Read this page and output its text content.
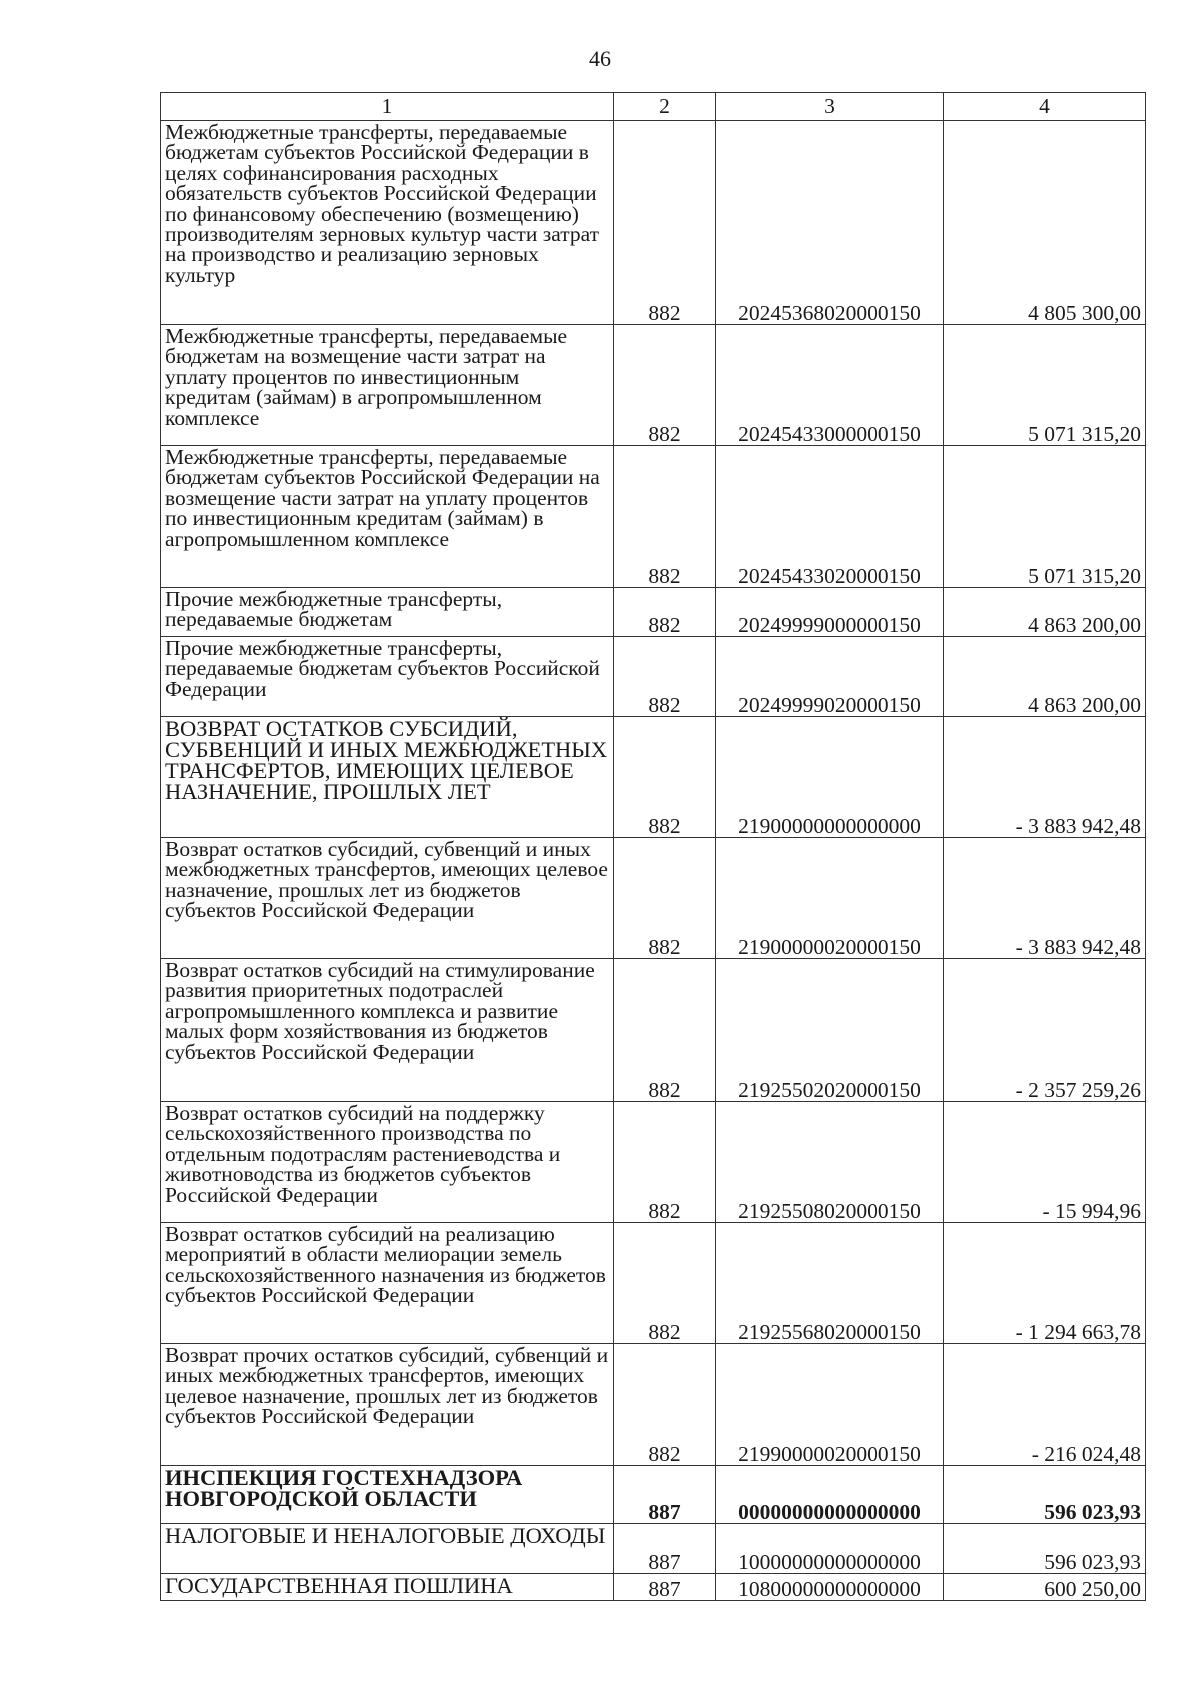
46
1	2	3	4
Межбюджетные трансферты, передаваемые бюджетам субъектов Российской Федерации в целях софинансирования расходных обязательств субъектов Российской Федерации по финансовому обеспечению (возмещению) производителям зерновых культур части затрат на производство и реализацию зерновых культур	882	20245368020000150	4 805 300,00
Межбюджетные трансферты, передаваемые бюджетам на возмещение части затрат на уплату процентов по инвестиционным кредитам (займам) в агропромышленном комплексе	882	20245433000000150	5 071 315,20
Межбюджетные трансферты, передаваемые бюджетам субъектов Российской Федерации на возмещение части затрат на уплату процентов по инвестиционным кредитам (займам) в агропромышленном комплексе	882	20245433020000150	5 071 315,20
Прочие межбюджетные трансферты, передаваемые бюджетам	882	20249999000000150	4 863 200,00
Прочие межбюджетные трансферты, передаваемые бюджетам субъектов Российской Федерации	882	20249999020000150	4 863 200,00
ВОЗВРАТ ОСТАТКОВ СУБСИДИЙ, СУБВЕНЦИЙ И ИНЫХ МЕЖБЮДЖЕТНЫХ ТРАНСФЕРТОВ, ИМЕЮЩИХ ЦЕЛЕВОЕ НАЗНАЧЕНИЕ, ПРОШЛЫХ ЛЕТ	882	21900000000000000	- 3 883 942,48
Возврат остатков субсидий, субвенций и иных межбюджетных трансфертов, имеющих целевое назначение, прошлых лет из бюджетов субъектов Российской Федерации	882	21900000020000150	- 3 883 942,48
Возврат остатков субсидий на стимулирование развития приоритетных подотраслей агропромышленного комплекса и развитие малых форм хозяйствования из бюджетов субъектов Российской Федерации	882	21925502020000150	- 2 357 259,26
Возврат остатков субсидий на поддержку сельскохозяйственного производства по отдельным подотраслям растениеводства и животноводства из бюджетов субъектов Российской Федерации	882	21925508020000150	- 15 994,96
Возврат остатков субсидий на реализацию мероприятий в области мелиорации земель сельскохозяйственного назначения из бюджетов субъектов Российской Федерации	882	21925568020000150	- 1 294 663,78
Возврат прочих остатков субсидий, субвенций и иных межбюджетных трансфертов, имеющих целевое назначение, прошлых лет из бюджетов субъектов Российской Федерации	882	21990000020000150	- 216 024,48
ИНСПЕКЦИЯ ГОСТЕХНАДЗОРА НОВГОРОДСКОЙ ОБЛАСТИ	887	00000000000000000	596 023,93
НАЛОГОВЫЕ И НЕНАЛОГОВЫЕ ДОХОДЫ	887	10000000000000000	596 023,93
ГОСУДАРСТВЕННАЯ ПОШЛИНА	887	10800000000000000	600 250,00
